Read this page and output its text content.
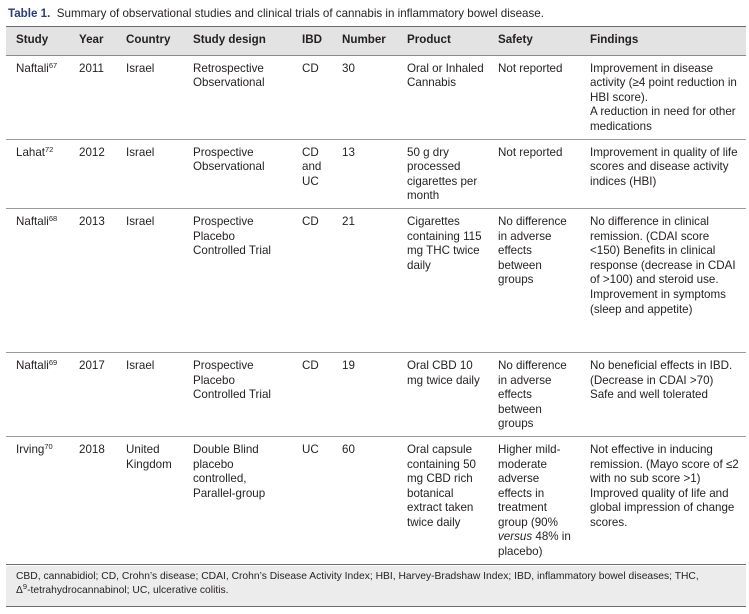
Table 1. Summary of observational studies and clinical trials of cannabis in inflammatory bowel disease.
Study	Year	Country	Study design	IBD	Number	Product	Safety	Findings
Naftali$^{67}$	2011	Israel	Retrospective Observational	CD	30	Oral or Inhaled Cannabis	Not reported	Improvement in disease activity (≥4 point reduction in HBI score).
A reduction in need for other medications

Lahat$^{72}$	2012	Israel	Prospective Observational	CD and UC	13	50 g dry processed cigarettes per month	Not reported	Improvement in quality of life scores and disease activity indices (HBI)

Naftali$^{68}$	2013	Israel	Prospective Placebo Controlled Trial	CD	21	Cigarettes containing 115 mg THC twice daily	No difference in adverse effects between groups	No difference in clinical remission. (CDAI score <150) Benefits in clinical response (decrease in CDAI of >100) and steroid use. Improvement in symptoms (sleep and appetite)

Naftali$^{69}$	2017	Israel	Prospective Placebo Controlled Trial	CD	19	Oral CBD 10 mg twice daily	No difference in adverse effects between groups	No beneficial effects in IBD. (Decrease in CDAI >70)
Safe and well tolerated

Irving$^{70}$	2018	United Kingdom	Double Blind placebo controlled, Parallel-group	UC	60	Oral capsule containing 50 mg CBD rich botanical extract taken twice daily	Higher mild-moderate adverse effects in treatment group (90% versus 48% in placebo)	Not effective in inducing remission. (Mayo score of ≤2 with no sub score >1)
Improved quality of life and global impression of change scores.
CBD, cannabidiol; CD, Crohn’s disease; CDAI, Crohn’s Disease Activity Index; HBI, Harvey-Bradshaw Index; IBD, inflammatory bowel diseases; THC,
$\Delta^9$-tetrahydrocannabinol; UC, ulcerative colitis.
